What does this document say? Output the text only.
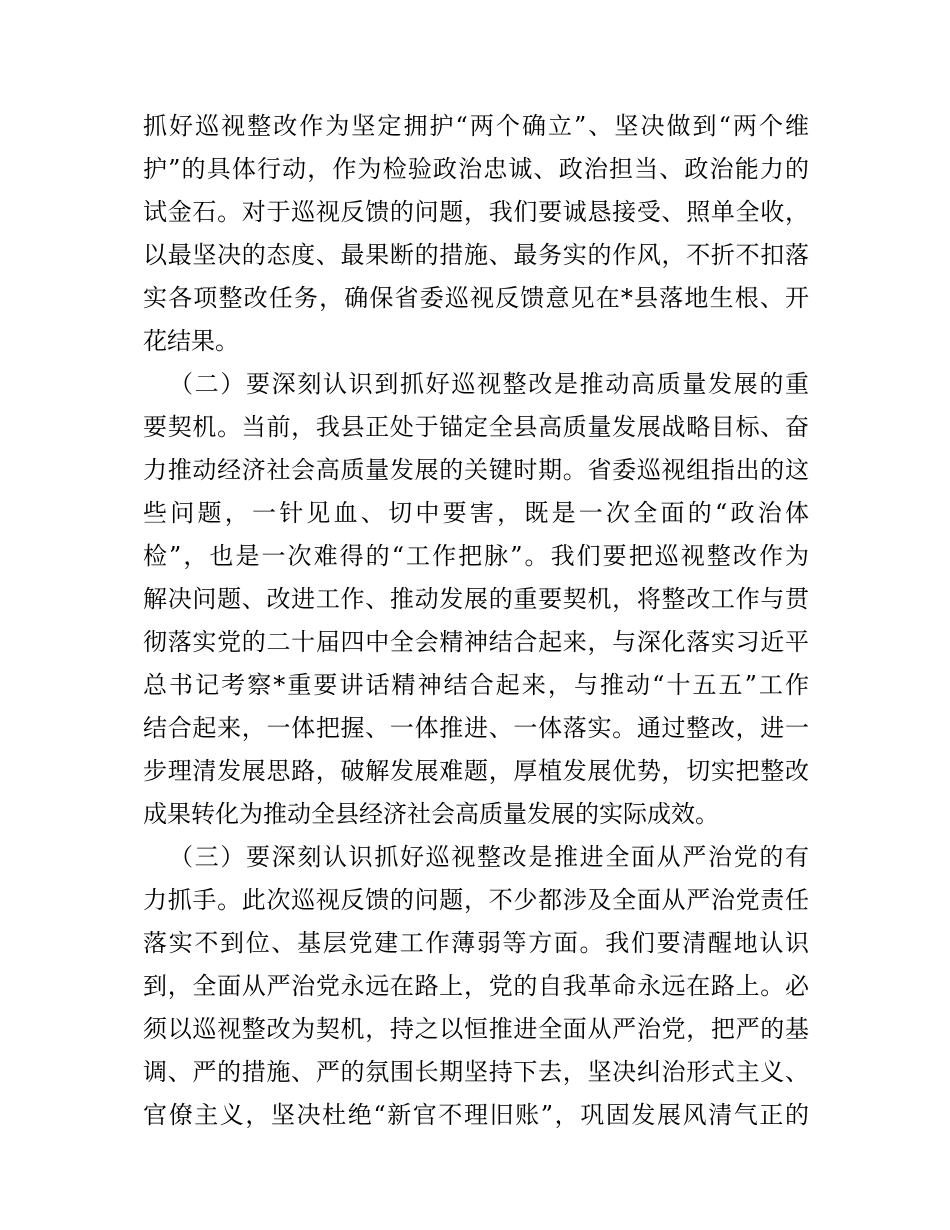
抓好巡视整改作为坚定拥护“两个确立”、坚决做到“两个维
护”的具体行动，作为检验政治忠诚、政治担当、政治能力的
试金石。对于巡视反馈的问题，我们要诚恳接受、照单全收，
以最坚决的态度、最果断的措施、最务实的作风，不折不扣落
实各项整改任务，确保省委巡视反馈意见在*县落地生根、开
花结果。
（二）要深刻认识到抓好巡视整改是推动高质量发展的重
要契机。当前，我县正处于锚定全县高质量发展战略目标、奋
力推动经济社会高质量发展的关键时期。省委巡视组指出的这
些问题，一针见血、切中要害，既是一次全面的“政治体
检”，也是一次难得的“工作把脉”。我们要把巡视整改作为
解决问题、改进工作、推动发展的重要契机，将整改工作与贯
彻落实党的二十届四中全会精神结合起来，与深化落实习近平
总书记考察*重要讲话精神结合起来，与推动“十五五”工作
结合起来，一体把握、一体推进、一体落实。通过整改，进一
步理清发展思路，破解发展难题，厚植发展优势，切实把整改
成果转化为推动全县经济社会高质量发展的实际成效。
（三）要深刻认识抓好巡视整改是推进全面从严治党的有
力抓手。此次巡视反馈的问题，不少都涉及全面从严治党责任
落实不到位、基层党建工作薄弱等方面。我们要清醒地认识
到，全面从严治党永远在路上，党的自我革命永远在路上。必
须以巡视整改为契机，持之以恒推进全面从严治党，把严的基
调、严的措施、严的氛围长期坚持下去，坚决纠治形式主义、
官僚主义，坚决杜绝“新官不理旧账”，巩固发展风清气正的
